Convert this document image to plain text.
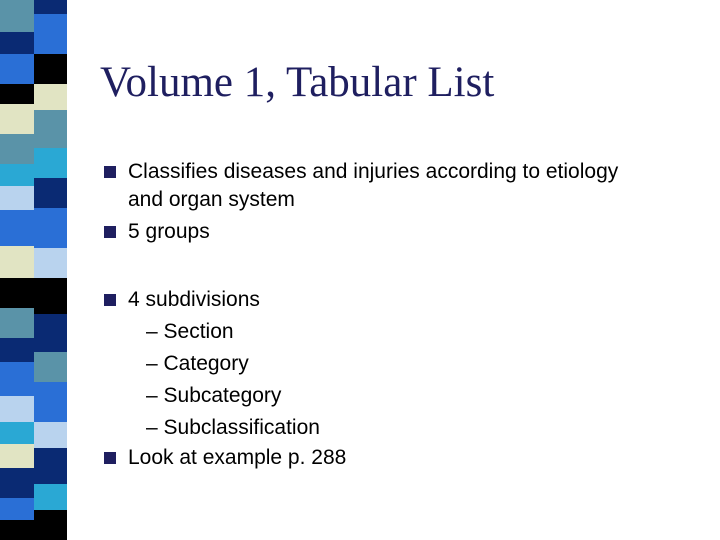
Volume 1, Tabular List
Classifies diseases and injuries according to etiology
and organ system
5 groups
4 subdivisions
– Section
– Category
– Subcategory
– Subclassification
Look at example p. 288
